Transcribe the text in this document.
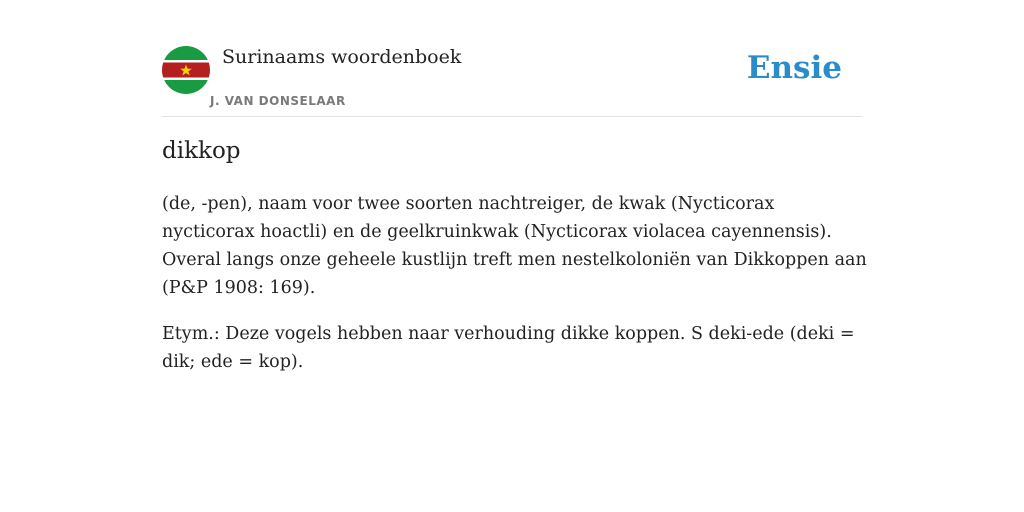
Surinaams woordenboek
J. VAN DONSELAAR
Ensie
dikkop

(de, -pen), naam voor twee soorten nachtreiger, de kwak (Nycticorax nycticorax hoactli) en de geelkruinkwak (Nycticorax violacea cayennensis). Overal langs onze geheele kustlijn treft men nestelkoloniën van Dikkoppen aan (P&P 1908: 169).

Etym.: Deze vogels hebben naar verhouding dikke koppen. S deki-ede (deki = dik; ede = kop).
